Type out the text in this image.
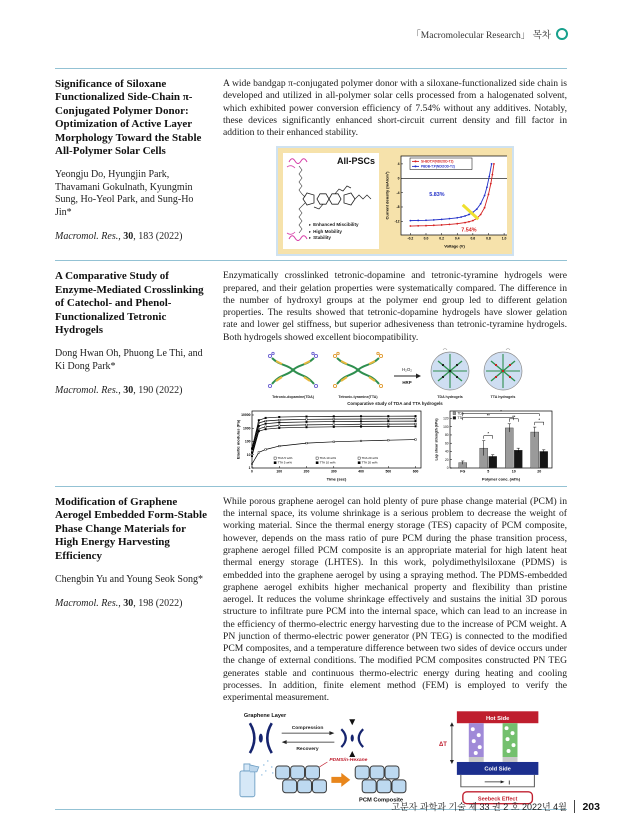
「Macromolecular Research」 목차
Significance of Siloxane Functionalized Side-Chain π-Conjugated Polymer Donor: Optimization of Active Layer Morphology Toward the Stable All-Polymer Solar Cells
Yeongju Do, Hyungjin Park, Thavamani Gokulnath, Kyungmin Sung, Ho-Yeol Park, and Sung-Ho Jin*
Macromol. Res., 30, 183 (2022)
A wide bandgap π-conjugated polymer donor with a siloxane-functionalized side chain is developed and utilized in all-polymer solar cells processed from a halogenated solvent, which exhibited power conversion efficiency of 7.54% without any additives. Notably, these devices significantly enhanced short-circuit current density and fill factor in addition to their enhanced stability.
All-PSCs
▸ Enhanced Miscibility
▸ High Mobility
▸ Stability	-0.2	0.0	0.2	0.4	0.6	0.8	1.0
4
0
-4
-8
-12
Voltage (V)
Current density (mA/cm²)
Si-BDT:P(NDI2OD-T2)
PBDB-T:P(NDI2OD-T2)
5.83%
7.54%
A Comparative Study of Enzyme-Mediated Crosslinking of Catechol- and Phenol-Functionalized Tetronic Hydrogels
Dong Hwan Oh, Phuong Le Thi, and Ki Dong Park*
Macromol. Res., 30, 190 (2022)
Enzymatically crosslinked tetronic-dopamine and tetronic-tyramine hydrogels were prepared, and their gelation properties were systematically compared. The difference in the number of hydroxyl groups at the polymer end group led to different gelation properties. The results showed that tetronic-dopamine hydrogels have slower gelation rate and lower gel stiffness, but superior adhesiveness than tetronic-tyramine hydrogels. Both hydrogels showed excellent biocompatibility.
Tetronic-dopamine(TDA)	Tetronic-tyramine(TTA)
H₂O₂
HRP
TDA hydrogels	TTA hydrogels
Comparative study of TDA and TTA hydrogels
0	100	200	300	400	500	600
1
10
100
1000
10000
Time (sec)
Elastic modulus (Pa)	TDA 5 wt%
TTA 5 wt%
TDA 10 wt%
TTA 10 wt%
TDA 20 wt%
TTA 20 wt%
0
20
40
60
80
100
120
FG	5	10	20
Polymer conc. (wt%)
Lap shear strength (kPa)	*
**
*
**
*
TDA
TTA
Modification of Graphene Aerogel Embedded Form-Stable Phase Change Materials for High Energy Harvesting Efficiency
Chengbin Yu and Young Seok Song*
Macromol. Res., 30, 198 (2022)
While porous graphene aerogel can hold plenty of pure phase change material (PCM) in the internal space, its volume shrinkage is a serious problem to decrease the weight of working material. Since the thermal energy storage (TES) capacity of PCM composite, however, depends on the mass ratio of pure PCM during the phase transition process, graphene aerogel filled PCM composite is an appropriate material for high latent heat thermal energy storage (LHTES). In this work, polydimethylsiloxane (PDMS) is embedded into the graphene aerogel by using a spraying method. The PDMS-embedded graphene aerogel exhibits higher mechanical property and flexibility than pristine aerogel. It reduces the volume shrinkage effectively and sustains the initial 3D porous structure to infiltrate pure PCM into the internal space, which can lead to an increase in the efficiency of thermo-electric energy harvesting due to the increase of PCM weight. A PN junction of thermo-electric power generator (PN TEG) is connected to the modified PCM composites, and a temperature difference between two sides of device occurs under the change of external conditions. The modified PCM composites constructed PN TEG generates stable and continuous thermo-electric energy during heating and cooling processes. In addition, finite element method (FEM) is employed to verify the experimental measurement.
Graphene Layer
Compression
Recovery
PDMS/n-Hexane
PCM Composite
Hot Side
Cold Side
ΔT
I
Seebeck Effect
고분자 과학과 기술 제 33 권 2 호 2022년 4월 203
